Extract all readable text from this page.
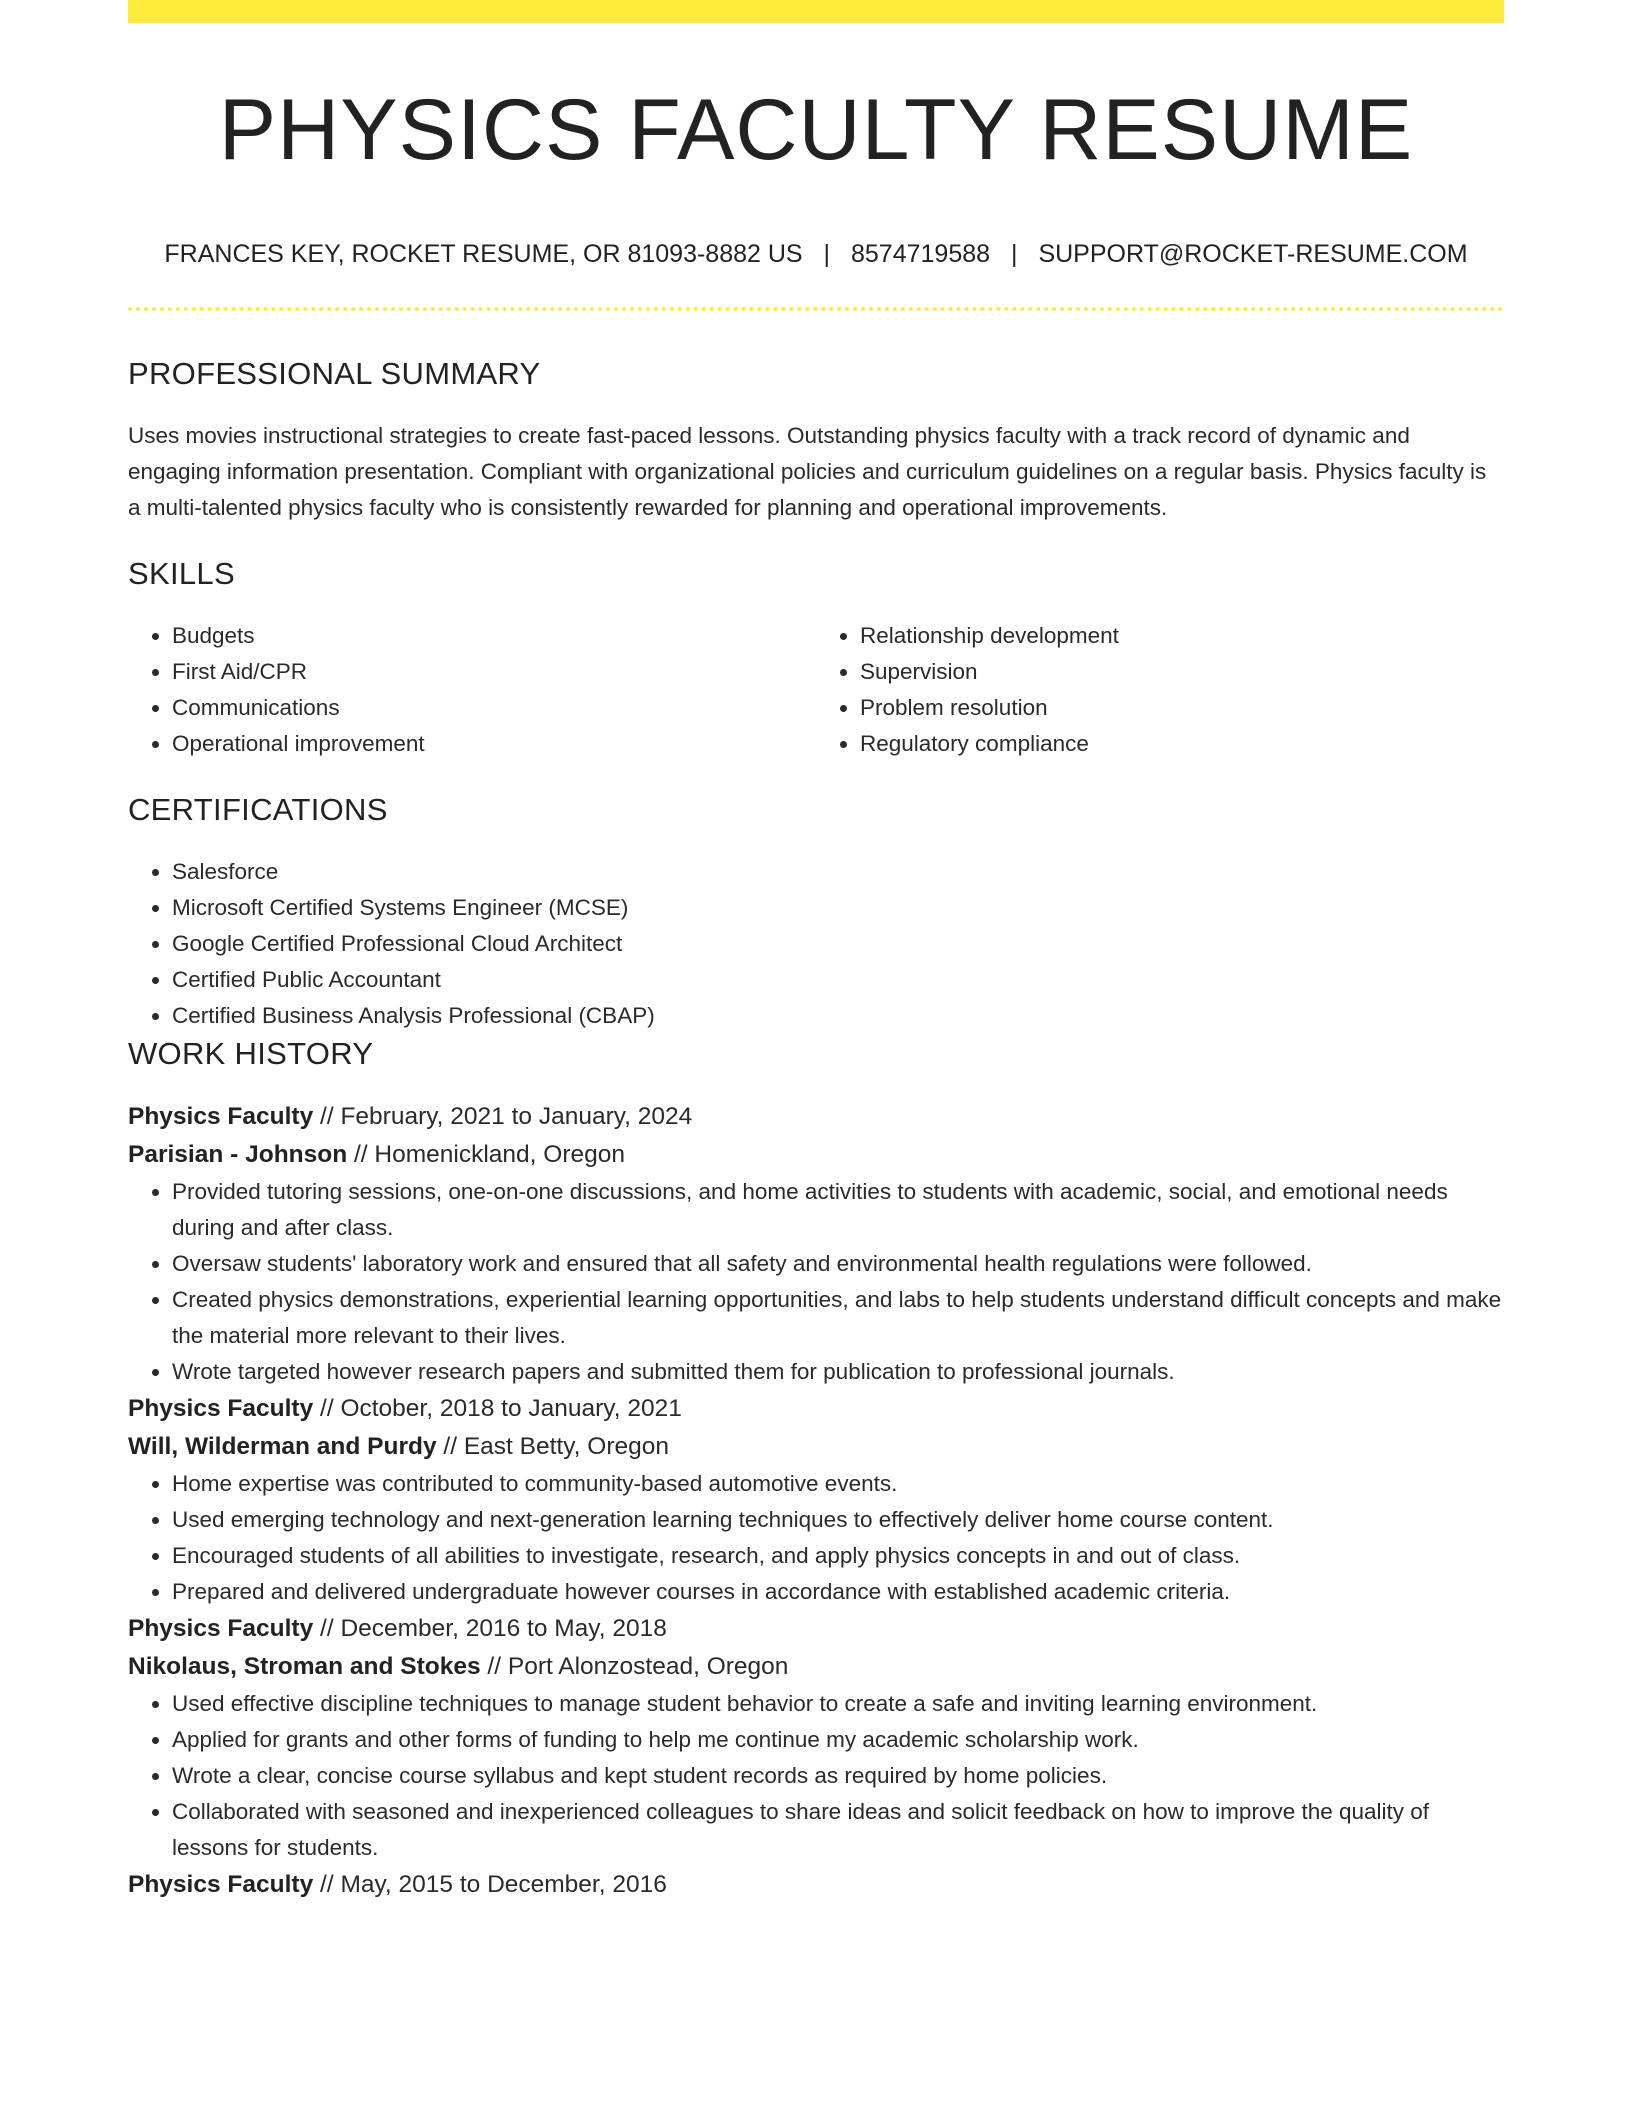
PHYSICS FACULTY RESUME
FRANCES KEY, ROCKET RESUME, OR 81093-8882 US | 8574719588 | SUPPORT@ROCKET-RESUME.COM
PROFESSIONAL SUMMARY

Uses movies instructional strategies to create fast-paced lessons. Outstanding physics faculty with a track record of dynamic and engaging information presentation. Compliant with organizational policies and curriculum guidelines on a regular basis. Physics faculty is a multi-talented physics faculty who is consistently rewarded for planning and operational improvements.

SKILLS
• Budgets
• First Aid/CPR
• Communications
• Operational improvement
• Relationship development
• Supervision
• Problem resolution
• Regulatory compliance
CERTIFICATIONS
• Salesforce
• Microsoft Certified Systems Engineer (MCSE)
• Google Certified Professional Cloud Architect
• Certified Public Accountant
• Certified Business Analysis Professional (CBAP)
WORK HISTORY
Physics Faculty // February, 2021 to January, 2024
Parisian - Johnson // Homenickland, Oregon
• Provided tutoring sessions, one-on-one discussions, and home activities to students with academic, social, and emotional needs during and after class.
• Oversaw students' laboratory work and ensured that all safety and environmental health regulations were followed.
• Created physics demonstrations, experiential learning opportunities, and labs to help students understand difficult concepts and make the material more relevant to their lives.
• Wrote targeted however research papers and submitted them for publication to professional journals.
Physics Faculty // October, 2018 to January, 2021
Will, Wilderman and Purdy // East Betty, Oregon
• Home expertise was contributed to community-based automotive events.
• Used emerging technology and next-generation learning techniques to effectively deliver home course content.
• Encouraged students of all abilities to investigate, research, and apply physics concepts in and out of class.
• Prepared and delivered undergraduate however courses in accordance with established academic criteria.
Physics Faculty // December, 2016 to May, 2018
Nikolaus, Stroman and Stokes // Port Alonzostead, Oregon
• Used effective discipline techniques to manage student behavior to create a safe and inviting learning environment.
• Applied for grants and other forms of funding to help me continue my academic scholarship work.
• Wrote a clear, concise course syllabus and kept student records as required by home policies.
• Collaborated with seasoned and inexperienced colleagues to share ideas and solicit feedback on how to improve the quality of lessons for students.
Physics Faculty // May, 2015 to December, 2016
